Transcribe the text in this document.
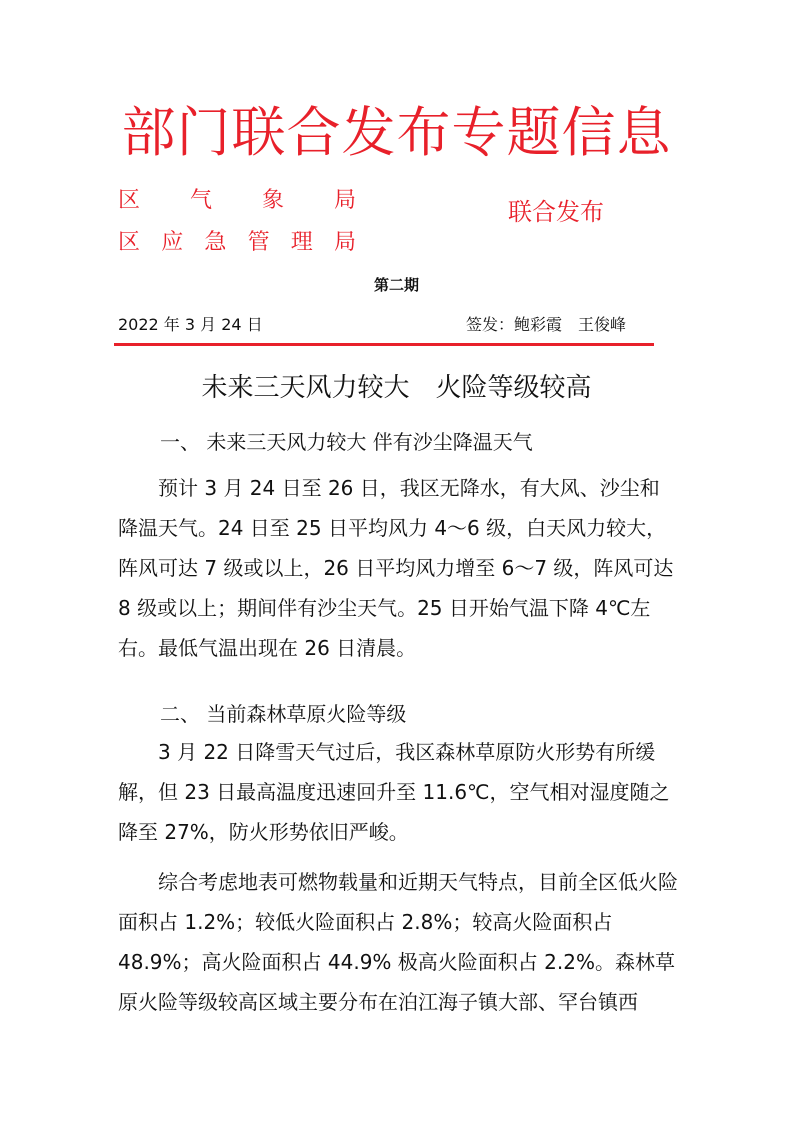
部门联合发布专题信息
区 气 象 局
区 应 急 管 理 局
联合发布
第二期
2022 年 3 月 24 日	签发：鲍彩霞　王俊峰
未来三天风力较大　火险等级较高
一、 未来三天风力较大 伴有沙尘降温天气
预计 3 月 24 日至 26 日，我区无降水，有大风、沙尘和降温天气。24 日至 25 日平均风力 4～6 级，白天风力较大，阵风可达 7 级或以上，26 日平均风力增至 6～7 级，阵风可达 8 级或以上；期间伴有沙尘天气。25 日开始气温下降 4℃左右。最低气温出现在 26 日清晨。
二、 当前森林草原火险等级
3 月 22 日降雪天气过后，我区森林草原防火形势有所缓解，但 23 日最高温度迅速回升至 11.6℃，空气相对湿度随之降至 27%，防火形势依旧严峻。
综合考虑地表可燃物载量和近期天气特点，目前全区低火险面积占 1.2%；较低火险面积占 2.8%；较高火险面积占 48.9%；高火险面积占 44.9% 极高火险面积占 2.2%。森林草原火险等级较高区域主要分布在泊江海子镇大部、罕台镇西
